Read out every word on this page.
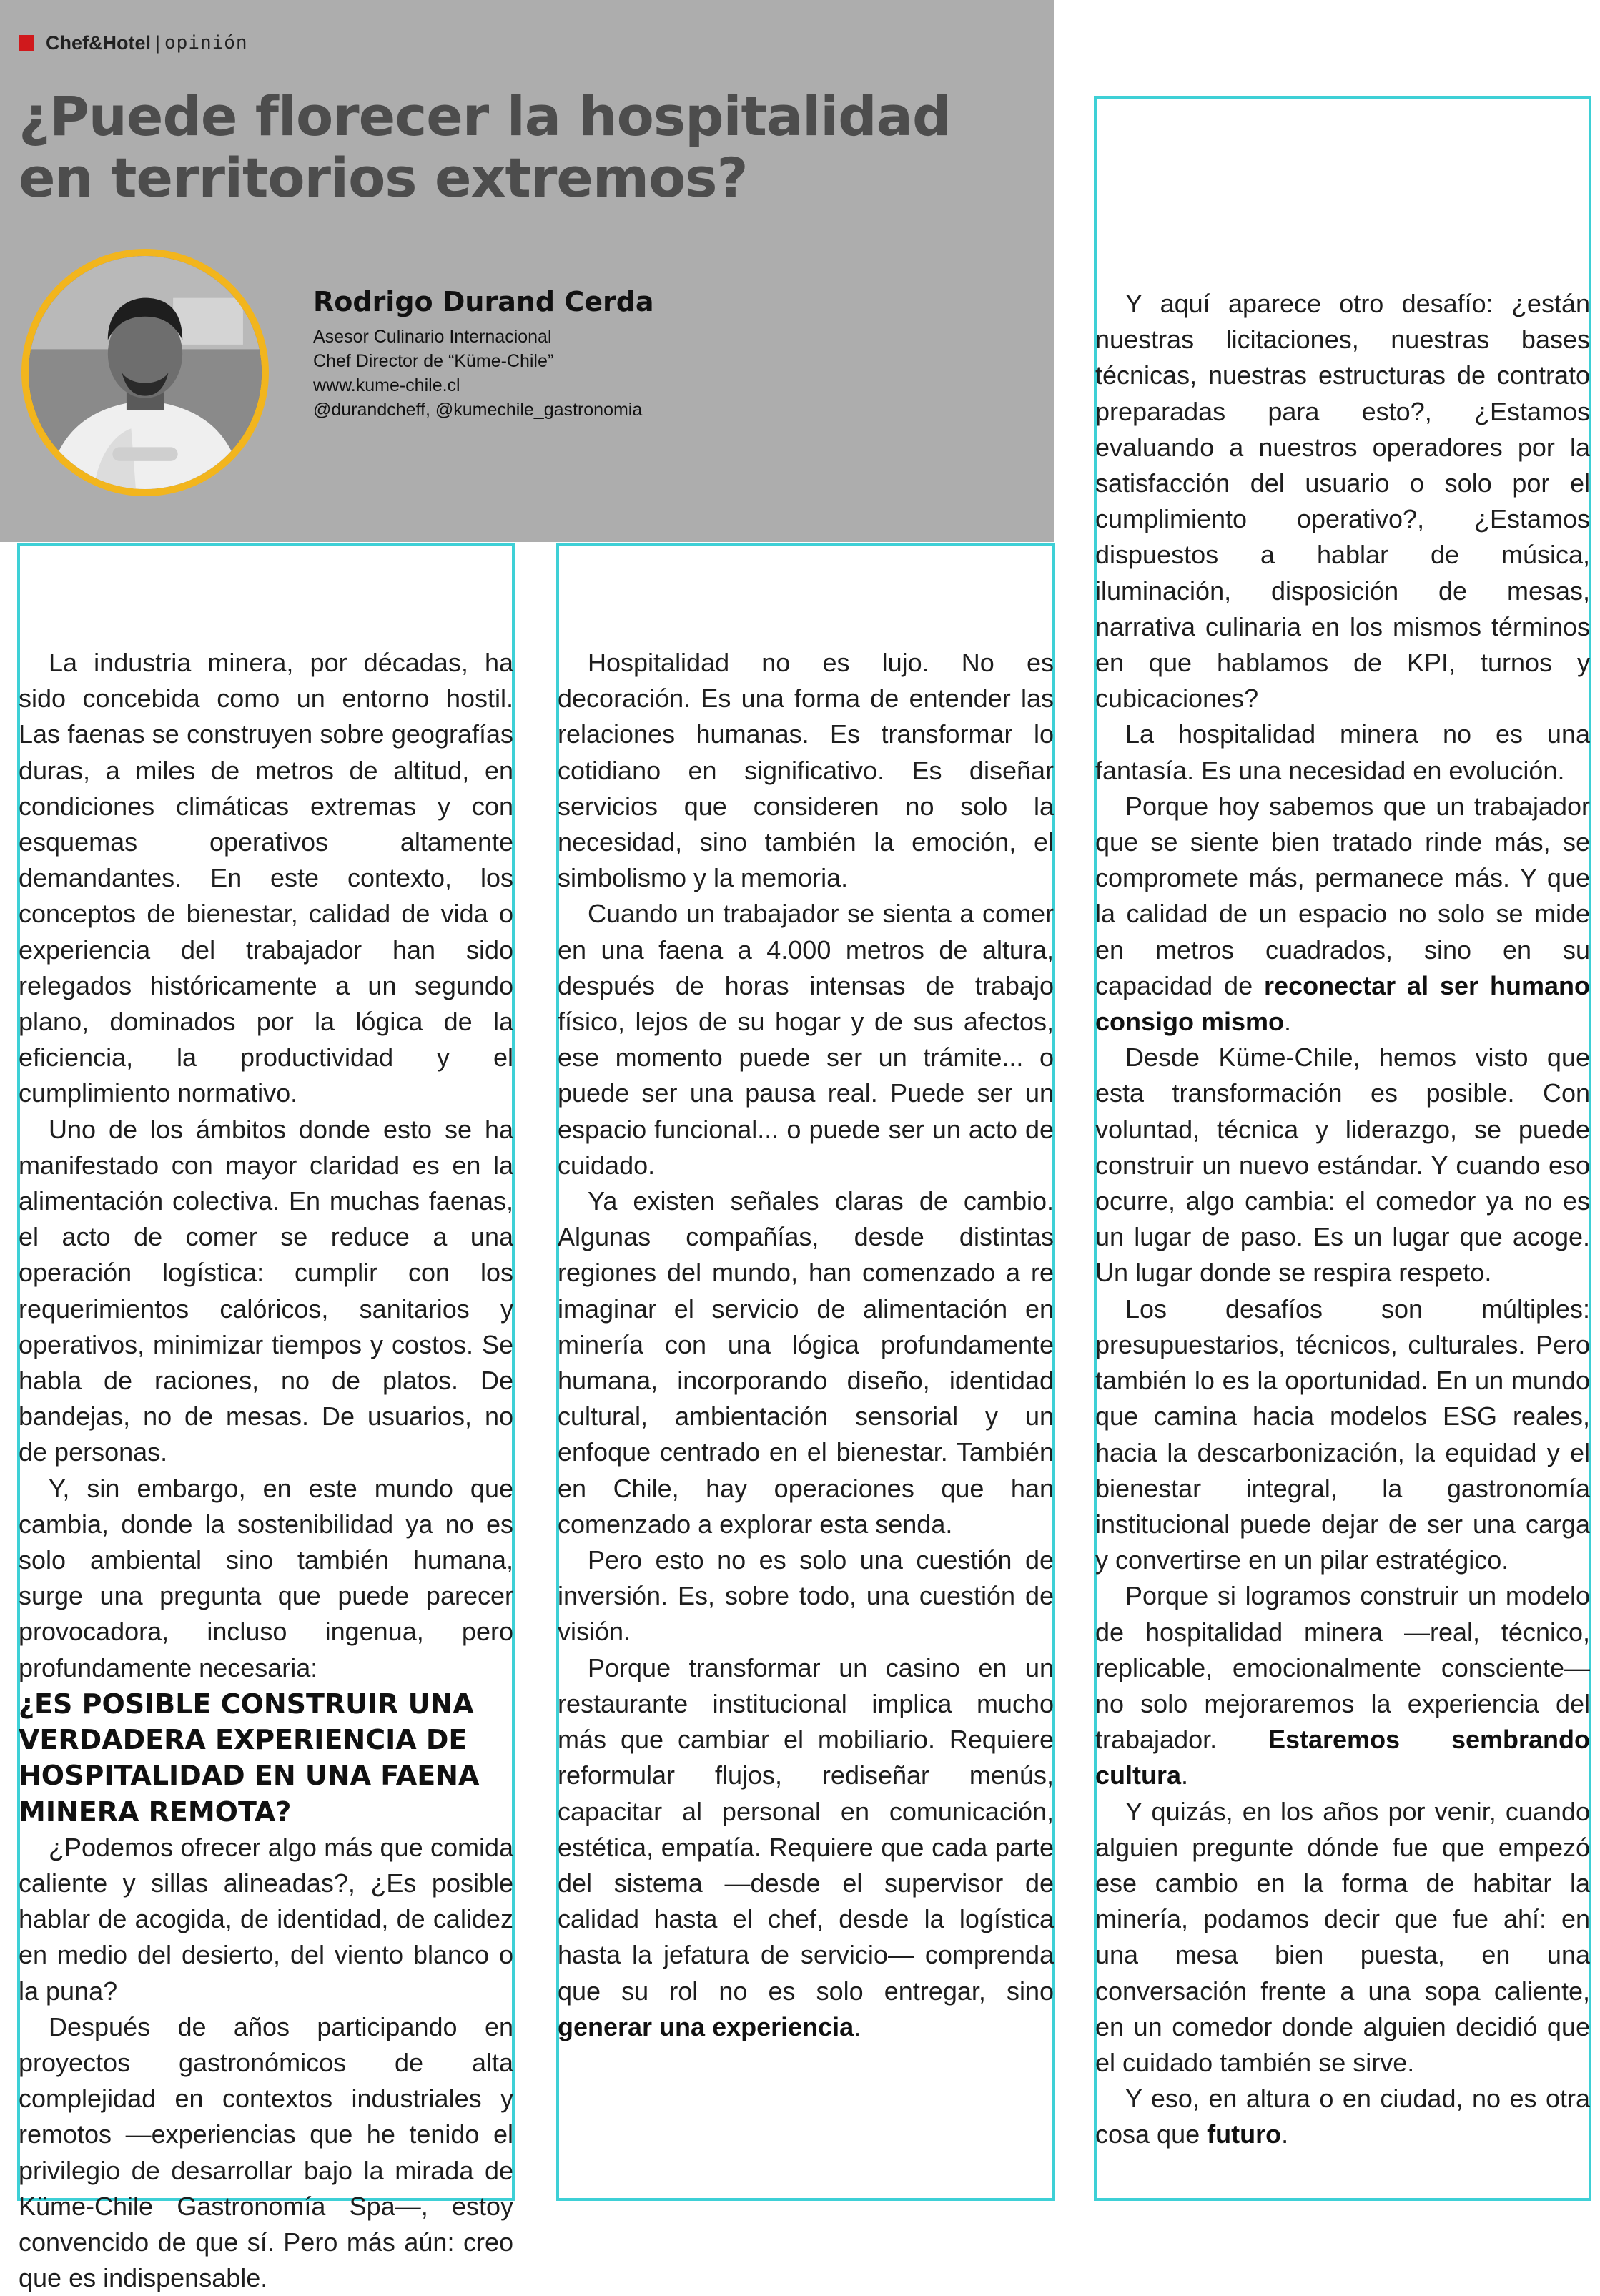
Chef&Hotel | opinión
¿Puede florecer la hospitalidad en territorios extremos?
Rodrigo Durand Cerda
Asesor Culinario Internacional
Chef Director de “Küme-Chile”
www.kume-chile.cl
@durandcheff, @kumechile_gastronomia

La industria minera, por décadas, ha sido concebida como un entorno hostil. Las faenas se construyen sobre geografías duras, a miles de metros de altitud, en condiciones climáticas extremas y con esquemas operativos altamente demandantes. En este contexto, los conceptos de bienestar, calidad de vida o experiencia del trabajador han sido relegados históricamente a un segundo plano, dominados por la lógica de la eficiencia, la productividad y el cumplimiento normativo.

Uno de los ámbitos donde esto se ha manifestado con mayor claridad es en la alimentación colectiva. En muchas faenas, el acto de comer se reduce a una operación logística: cumplir con los requerimientos calóricos, sanitarios y operativos, minimizar tiempos y costos. Se habla de raciones, no de platos. De bandejas, no de mesas. De usuarios, no de personas.

Y, sin embargo, en este mundo que cambia, donde la sostenibilidad ya no es solo ambiental sino también humana, surge una pregunta que puede parecer provocadora, incluso ingenua, pero profundamente necesaria:

¿ES POSIBLE CONSTRUIR UNA VERDADERA EXPERIENCIA DE HOSPITALIDAD EN UNA FAENA MINERA REMOTA?

¿Podemos ofrecer algo más que comida caliente y sillas alineadas?, ¿Es posible hablar de acogida, de identidad, de calidez en medio del desierto, del viento blanco o la puna?

Después de años participando en proyectos gastronómicos de alta complejidad en contextos industriales y remotos —experiencias que he tenido el privilegio de desarrollar bajo la mirada de Küme-Chile Gastronomía Spa—, estoy convencido de que sí. Pero más aún: creo que es indispensable.

Hospitalidad no es lujo. No es decoración. Es una forma de entender las relaciones humanas. Es transformar lo cotidiano en significativo. Es diseñar servicios que consideren no solo la necesidad, sino también la emoción, el simbolismo y la memoria.

Cuando un trabajador se sienta a comer en una faena a 4.000 metros de altura, después de horas intensas de trabajo físico, lejos de su hogar y de sus afectos, ese momento puede ser un trámite... o puede ser una pausa real. Puede ser un espacio funcional... o puede ser un acto de cuidado.

Ya existen señales claras de cambio. Algunas compañías, desde distintas regiones del mundo, han comenzado a re imaginar el servicio de alimentación en minería con una lógica profundamente humana, incorporando diseño, identidad cultural, ambientación sensorial y un enfoque centrado en el bienestar. También en Chile, hay operaciones que han comenzado a explorar esta senda.

Pero esto no es solo una cuestión de inversión. Es, sobre todo, una cuestión de visión.

Porque transformar un casino en un restaurante institucional implica mucho más que cambiar el mobiliario. Requiere reformular flujos, rediseñar menús, capacitar al personal en comunicación, estética, empatía. Requiere que cada parte del sistema —desde el supervisor de calidad hasta el chef, desde la logística hasta la jefatura de servicio— comprenda que su rol no es solo entregar, sino generar una experiencia.

Y aquí aparece otro desafío: ¿están nuestras licitaciones, nuestras bases técnicas, nuestras estructuras de contrato preparadas para esto?, ¿Estamos evaluando a nuestros operadores por la satisfacción del usuario o solo por el cumplimiento operativo?, ¿Estamos dispuestos a hablar de música, iluminación, disposición de mesas, narrativa culinaria en los mismos términos en que hablamos de KPI, turnos y cubicaciones?

La hospitalidad minera no es una fantasía. Es una necesidad en evolución.

Porque hoy sabemos que un trabajador que se siente bien tratado rinde más, se compromete más, permanece más. Y que la calidad de un espacio no solo se mide en metros cuadrados, sino en su capacidad de reconectar al ser humano consigo mismo.

Desde Küme-Chile, hemos visto que esta transformación es posible. Con voluntad, técnica y liderazgo, se puede construir un nuevo estándar. Y cuando eso ocurre, algo cambia: el comedor ya no es un lugar de paso. Es un lugar que acoge. Un lugar donde se respira respeto.

Los desafíos son múltiples: presupuestarios, técnicos, culturales. Pero también lo es la oportunidad. En un mundo que camina hacia modelos ESG reales, hacia la descarbonización, la equidad y el bienestar integral, la gastronomía institucional puede dejar de ser una carga y convertirse en un pilar estratégico.

Porque si logramos construir un modelo de hospitalidad minera —real, técnico, replicable, emocionalmente consciente— no solo mejoraremos la experiencia del trabajador. Estaremos sembrando cultura.

Y quizás, en los años por venir, cuando alguien pregunte dónde fue que empezó ese cambio en la forma de habitar la minería, podamos decir que fue ahí: en una mesa bien puesta, en una conversación frente a una sopa caliente, en un comedor donde alguien decidió que el cuidado también se sirve.

Y eso, en altura o en ciudad, no es otra cosa que futuro.
